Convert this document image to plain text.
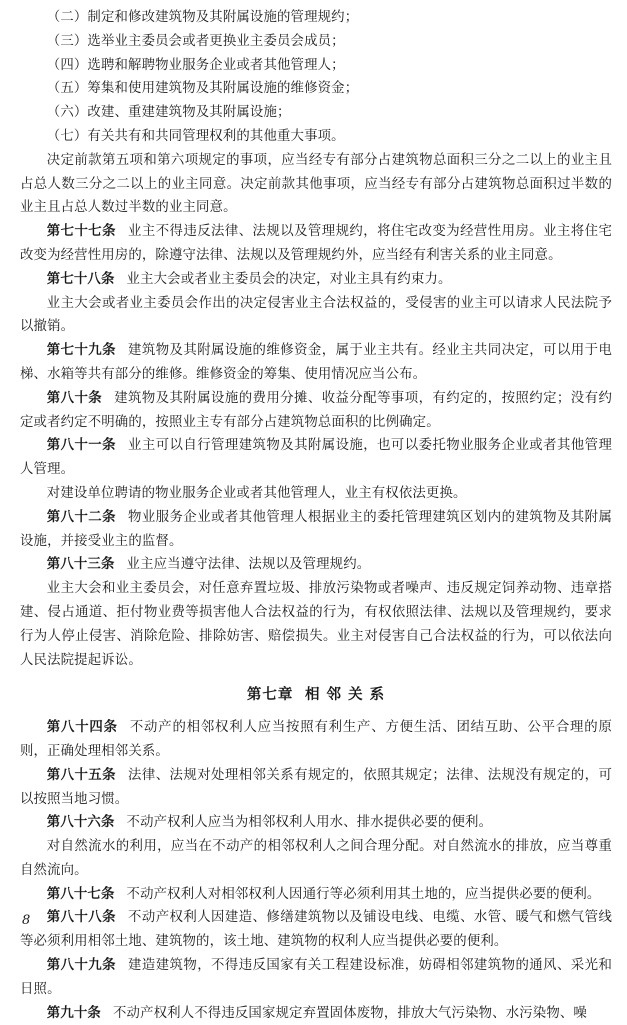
（二）制定和修改建筑物及其附属设施的管理规约；

（三）选举业主委员会或者更换业主委员会成员；

（四）选聘和解聘物业服务企业或者其他管理人；

（五）筹集和使用建筑物及其附属设施的维修资金；

（六）改建、重建建筑物及其附属设施；

（七）有关共有和共同管理权利的其他重大事项。

决定前款第五项和第六项规定的事项，应当经专有部分占建筑物总面积三分之二以上的业主且占总人数三分之二以上的业主同意。决定前款其他事项，应当经专有部分占建筑物总面积过半数的业主且占总人数过半数的业主同意。

第七十七条 业主不得违反法律、法规以及管理规约，将住宅改变为经营性用房。业主将住宅改变为经营性用房的，除遵守法律、法规以及管理规约外，应当经有利害关系的业主同意。

第七十八条 业主大会或者业主委员会的决定，对业主具有约束力。

业主大会或者业主委员会作出的决定侵害业主合法权益的，受侵害的业主可以请求人民法院予以撤销。

第七十九条 建筑物及其附属设施的维修资金，属于业主共有。经业主共同决定，可以用于电梯、水箱等共有部分的维修。维修资金的筹集、使用情况应当公布。

第八十条 建筑物及其附属设施的费用分摊、收益分配等事项，有约定的，按照约定；没有约定或者约定不明确的，按照业主专有部分占建筑物总面积的比例确定。

第八十一条 业主可以自行管理建筑物及其附属设施，也可以委托物业服务企业或者其他管理人管理。

对建设单位聘请的物业服务企业或者其他管理人，业主有权依法更换。

第八十二条 物业服务企业或者其他管理人根据业主的委托管理建筑区划内的建筑物及其附属设施，并接受业主的监督。

第八十三条 业主应当遵守法律、法规以及管理规约。

业主大会和业主委员会，对任意弃置垃圾、排放污染物或者噪声、违反规定饲养动物、违章搭建、侵占通道、拒付物业费等损害他人合法权益的行为，有权依照法律、法规以及管理规约，要求行为人停止侵害、消除危险、排除妨害、赔偿损失。业主对侵害自己合法权益的行为，可以依法向人民法院提起诉讼。

第七章 相 邻 关 系

第八十四条 不动产的相邻权利人应当按照有利生产、方便生活、团结互助、公平合理的原则，正确处理相邻关系。

第八十五条 法律、法规对处理相邻关系有规定的，依照其规定；法律、法规没有规定的，可以按照当地习惯。

第八十六条 不动产权利人应当为相邻权利人用水、排水提供必要的便利。

对自然流水的利用，应当在不动产的相邻权利人之间合理分配。对自然流水的排放，应当尊重自然流向。

第八十七条 不动产权利人对相邻权利人因通行等必须利用其土地的，应当提供必要的便利。

第八十八条 不动产权利人因建造、修缮建筑物以及铺设电线、电缆、水管、暖气和燃气管线等必须利用相邻土地、建筑物的，该土地、建筑物的权利人应当提供必要的便利。

第八十九条 建造建筑物，不得违反国家有关工程建设标准，妨碍相邻建筑物的通风、采光和日照。

第九十条 不动产权利人不得违反国家规定弃置固体废物，排放大气污染物、水污染物、噪

8
